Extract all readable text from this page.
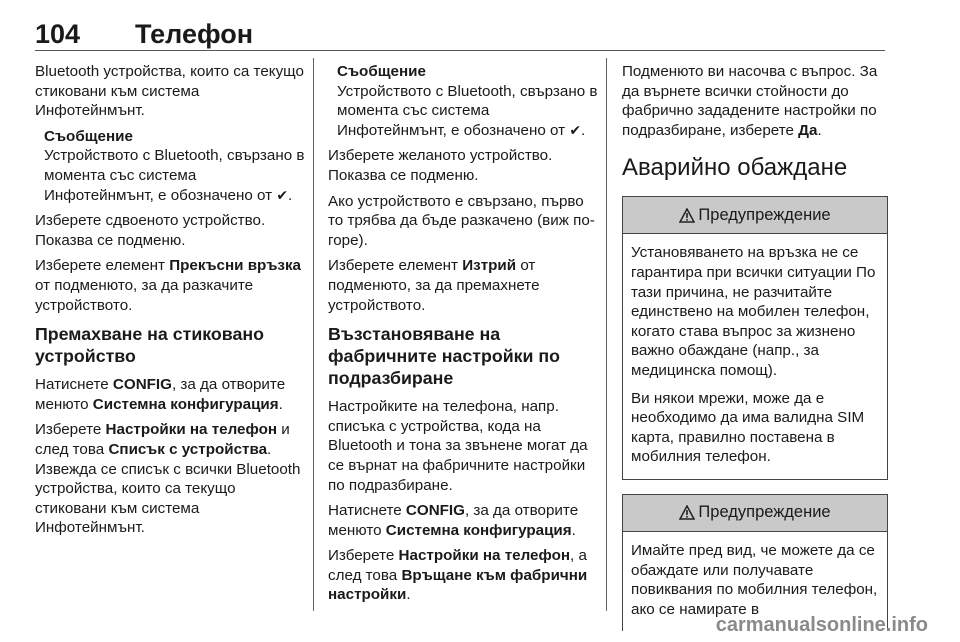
104 Телефон

Bluetooth устройства, които са текущо стиковани към система Инфотейнмънт.

Съобщение
Устройството с Bluetooth, свързано в момента със система Инфотейнмънт, е обозначено от ✔.

Изберете сдвоеното устройство. Показва се подменю.

Изберете елемент Прекъсни връзка от подменюто, за да разкачите устройството.

Премахване на стиковано устройство

Натиснете CONFIG, за да отворите менюто Системна конфигурация.

Изберете Настройки на телефон и след това Списък с устройства. Извежда се списък с всички Bluetooth устройства, които са текущо стиковани към система Инфотейнмънт.

Съобщение
Устройството с Bluetooth, свързано в момента със система Инфотейнмънт, е обозначено от ✔.

Изберете желаното устройство. Показва се подменю.

Ако устройството е свързано, първо то трябва да бъде разкачено (виж по-горе).

Изберете елемент Изтрий от подменюто, за да премахнете устройството.

Възстановяване на фабричните настройки по подразбиране

Настройките на телефона, напр. списъка с устройства, кода на Bluetooth и тона за звънене могат да се върнат на фабричните настройки по подразбиране.

Натиснете CONFIG, за да отворите менюто Системна конфигурация.

Изберете Настройки на телефон, а след това Връщане към фабрични настройки.

Подменюто ви насочва с въпрос. За да върнете всички стойности до фабрично зададените настройки по подразбиране, изберете Да.

Аварийно обаждане
Предупреждение

Установяването на връзка не се гарантира при всички ситуации По тази причина, не разчитайте единствено на мобилен телефон, когато става въпрос за жизнено важно обаждане (напр., за медицинска помощ).

Ви някои мрежи, може да е необходимо да има валидна SIM карта, правилно поставена в мобилния телефон.

Предупреждение

Имайте пред вид, че можете да се обаждате или получавате повиквания по мобилния телефон, ако се намирате в

carmanualsonline.info
